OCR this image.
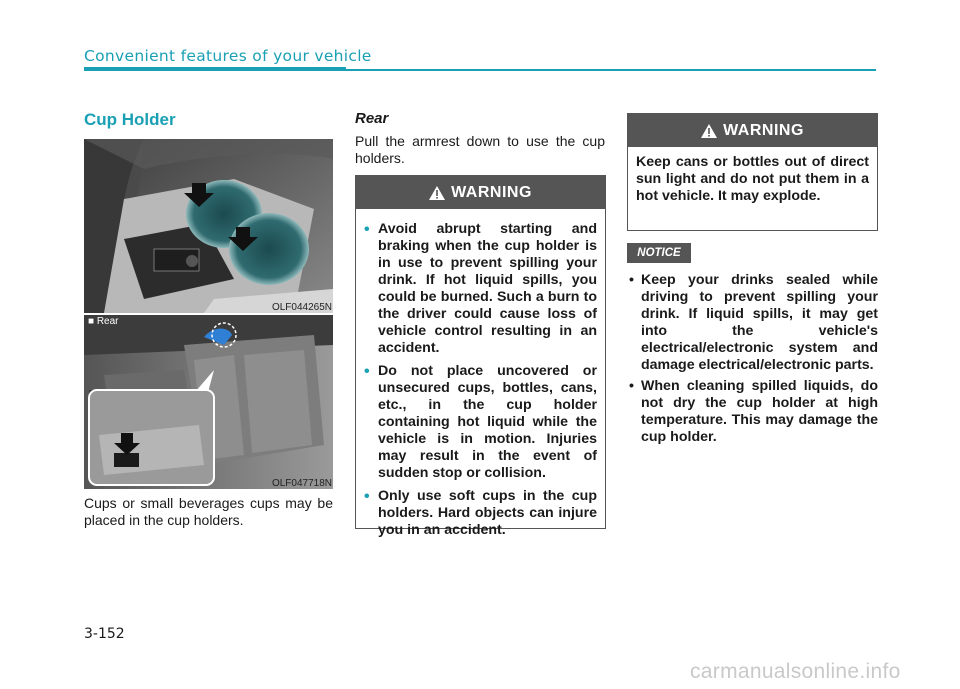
Convenient features of your vehicle
Cup Holder
OLF044265N
■ Rear
OLF047718N
Cups or small beverages cups may be placed in the cup holders.
Rear
Pull the armrest down to use the cup holders.
WARNING
• Avoid abrupt starting and braking when the cup holder is in use to prevent spilling your drink. If hot liquid spills, you could be burned. Such a burn to the driver could cause loss of vehicle control resulting in an accident.
• Do not place uncovered or unsecured cups, bottles, cans, etc., in the cup holder containing hot liquid while the vehicle is in motion. Injuries may result in the event of sudden stop or collision.
• Only use soft cups in the cup holders. Hard objects can injure you in an accident.
WARNING
Keep cans or bottles out of direct sun light and do not put them in a hot vehicle. It may explode.
NOTICE
• Keep your drinks sealed while driving to prevent spilling your drink. If liquid spills, it may get into the vehicle's electrical/electronic system and damage electrical/electronic parts.
• When cleaning spilled liquids, do not dry the cup holder at high temperature. This may damage the cup holder.
3-152
carmanualsonline.info
